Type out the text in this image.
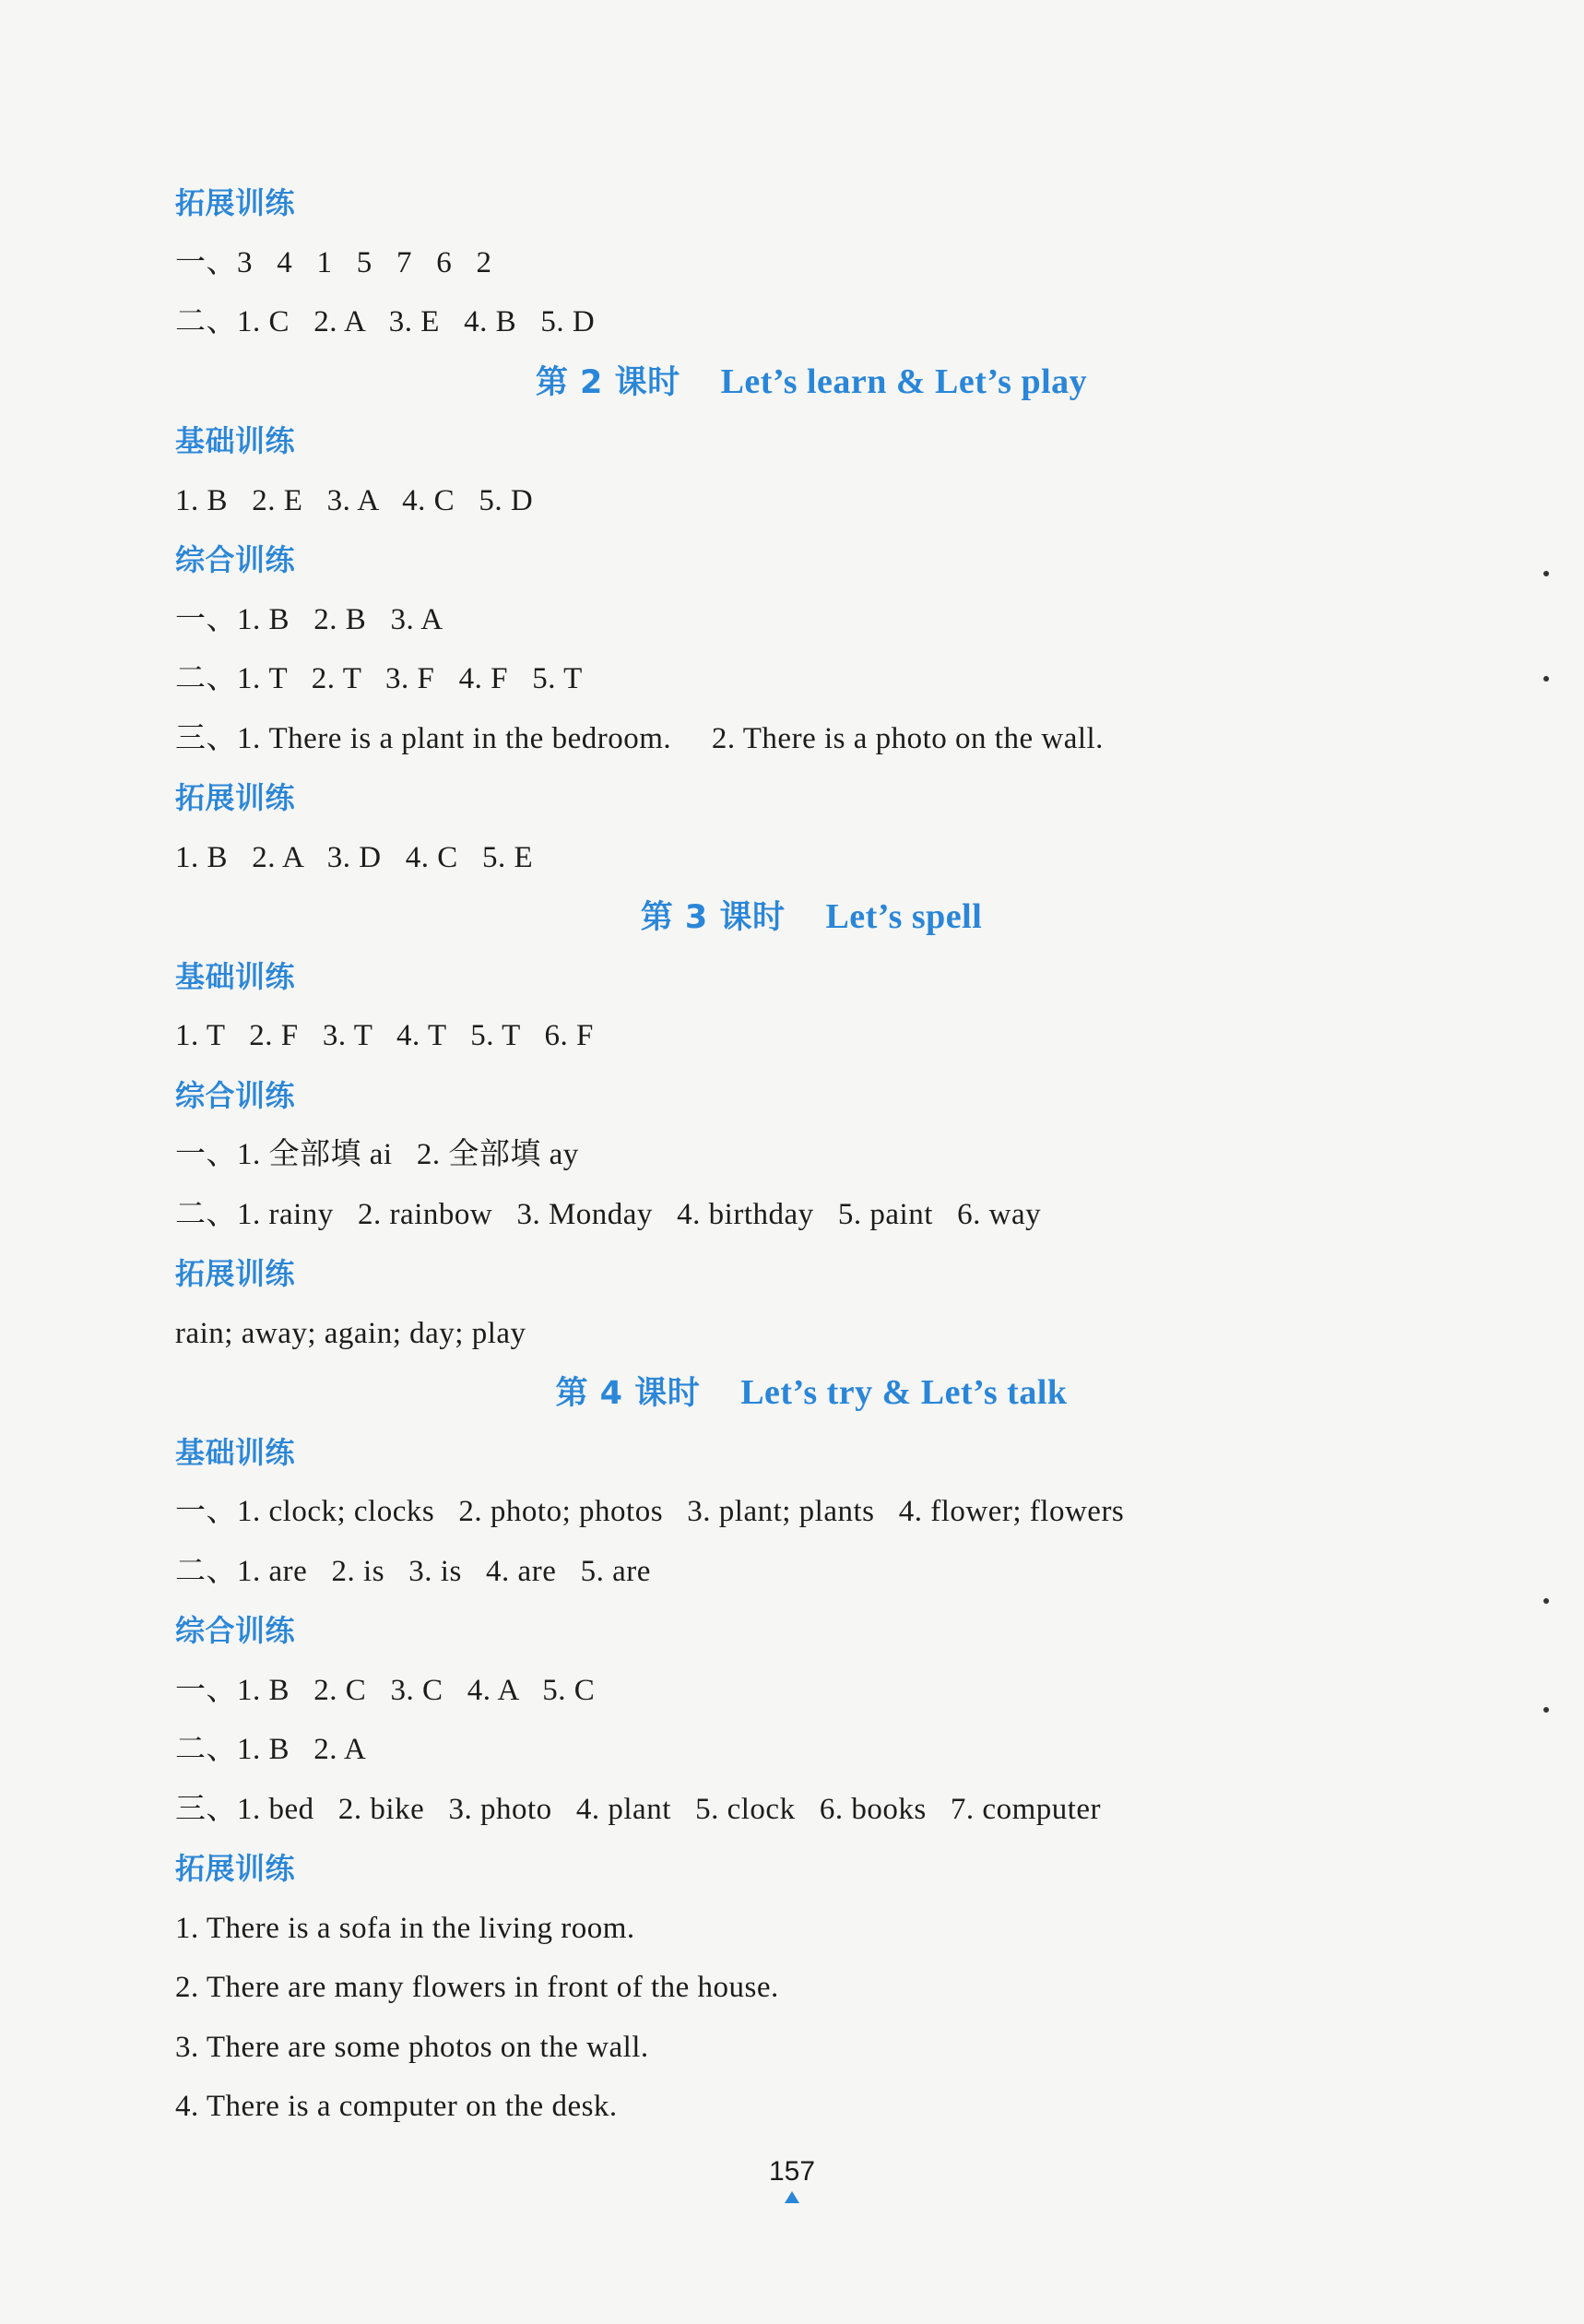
拓展训练
一、3   4   1   5   7   6   2
二、1. C   2. A   3. E   4. B   5. D
第 2 课时 Let’s learn & Let’s play
基础训练
1. B   2. E   3. A   4. C   5. D
综合训练
一、1. B   2. B   3. A
二、1. T   2. T   3. F   4. F   5. T
三、1. There is a plant in the bedroom.     2. There is a photo on the wall.
拓展训练
1. B   2. A   3. D   4. C   5. E
第 3 课时 Let’s spell
基础训练
1. T   2. F   3. T   4. T   5. T   6. F
综合训练
一、1. 全部填 ai   2. 全部填 ay
二、1. rainy   2. rainbow   3. Monday   4. birthday   5. paint   6. way
拓展训练
rain; away; again; day; play
第 4 课时 Let’s try & Let’s talk
基础训练
一、1. clock; clocks   2. photo; photos   3. plant; plants   4. flower; flowers
二、1. are   2. is   3. is   4. are   5. are
综合训练
一、1. B   2. C   3. C   4. A   5. C
二、1. B   2. A
三、1. bed   2. bike   3. photo   4. plant   5. clock   6. books   7. computer
拓展训练
1. There is a sofa in the living room.
2. There are many flowers in front of the house.
3. There are some photos on the wall.
4. There is a computer on the desk.
157
